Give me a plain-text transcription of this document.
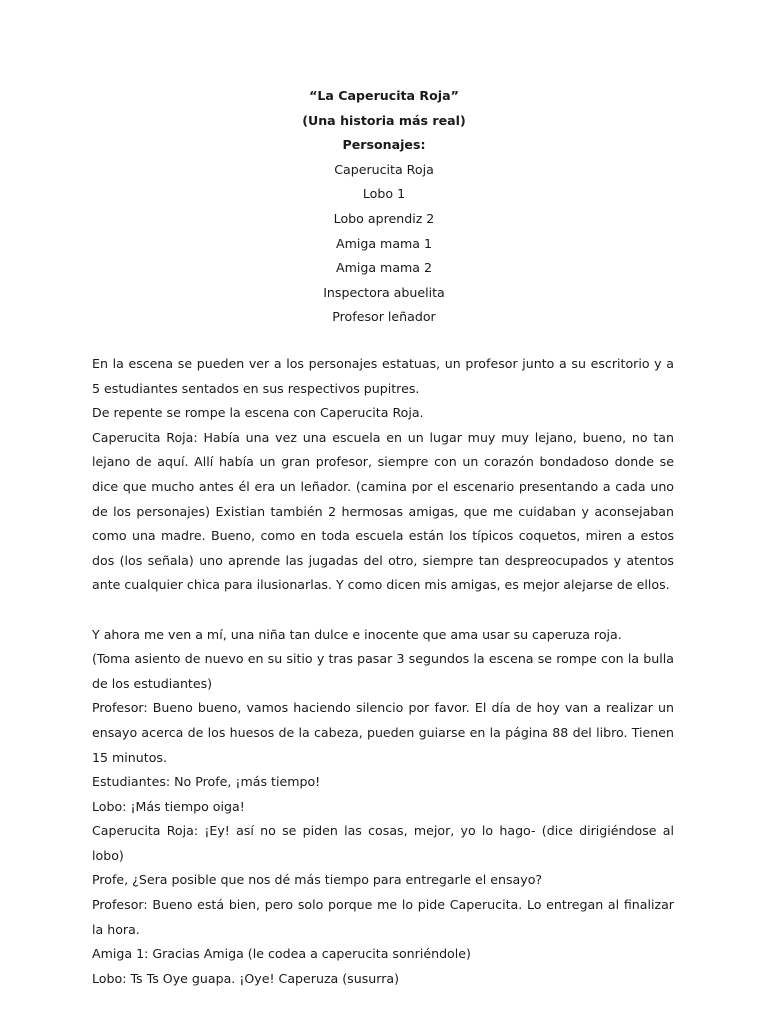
“La Caperucita Roja”
(Una historia más real)
Personajes:
Caperucita Roja
Lobo 1
Lobo aprendiz 2
Amiga mama 1
Amiga mama 2
Inspectora abuelita
Profesor leñador

En la escena se pueden ver a los personajes estatuas, un profesor junto a su escritorio y a 5 estudiantes sentados en sus respectivos pupitres.

De repente se rompe la escena con Caperucita Roja.

Caperucita Roja: Había una vez una escuela en un lugar muy muy lejano, bueno, no tan lejano de aquí. Allí había un gran profesor, siempre con un corazón bondadoso donde se dice que mucho antes él era un leñador. (camina por el escenario presentando a cada uno de los personajes) Existian también 2 hermosas amigas, que me cuidaban y aconsejaban como una madre. Bueno, como en toda escuela están los típicos coquetos, miren a estos dos (los señala) uno aprende las jugadas del otro, siempre tan despreocupados y atentos ante cualquier chica para ilusionarlas. Y como dicen mis amigas, es mejor alejarse de ellos.

Y ahora me ven a mí, una niña tan dulce e inocente que ama usar su caperuza roja.

(Toma asiento de nuevo en su sitio y tras pasar 3 segundos la escena se rompe con la bulla de los estudiantes)

Profesor: Bueno bueno, vamos haciendo silencio por favor. El día de hoy van a realizar un ensayo acerca de los huesos de la cabeza, pueden guiarse en la página 88 del libro. Tienen 15 minutos.

Estudiantes: No Profe, ¡más tiempo!

Lobo: ¡Más tiempo oiga!

Caperucita Roja: ¡Ey! así no se piden las cosas, mejor, yo lo hago- (dice dirigiéndose al lobo)

Profe, ¿Sera posible que nos dé más tiempo para entregarle el ensayo?

Profesor: Bueno está bien, pero solo porque me lo pide Caperucita. Lo entregan al finalizar la hora.

Amiga 1: Gracias Amiga (le codea a caperucita sonriéndole)

Lobo: Ts Ts Oye guapa. ¡Oye! Caperuza (susurra)
